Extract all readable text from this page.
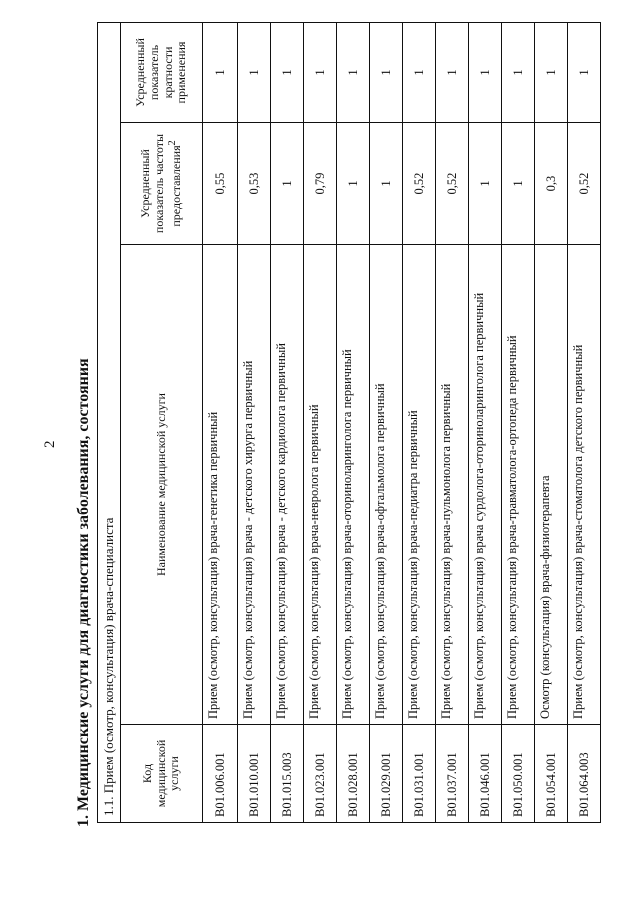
2 1. Медицинские услуги для диагностики заболевания, состояния 1.1. Прием (осмотр, консультация) врача-специалиста			
Код медицинской услуги	Наименование медицинской услуги	Усредненный показатель частоты предоставления$^2$	Усредненный показатель кратности применения
B01.006.001	Прием (осмотр, консультация) врача-генетика первичный	0,55	1
B01.010.001	Прием (осмотр, консультация) врача - детского хирурга первичный	0,53	1
B01.015.003	Прием (осмотр, консультация) врача - детского кардиолога первичный	1	1
B01.023.001	Прием (осмотр, консультация) врача-невролога первичный	0,79	1
B01.028.001	Прием (осмотр, консультация) врача-оториноларинголога первичный	1	1
B01.029.001	Прием (осмотр, консультация) врача-офтальмолога первичный	1	1
B01.031.001	Прием (осмотр, консультация) врача-педиатра первичный	0,52	1
B01.037.001	Прием (осмотр, консультация) врача-пульмонолога первичный	0,52	1
B01.046.001	Прием (осмотр, консультация) врача сурдолога-оториноларинголога первичный	1	1
B01.050.001	Прием (осмотр, консультация) врача-травматолога-ортопеда первичный	1	1
B01.054.001	Осмотр (консультация) врача-физиотерапевта	0,3	1
B01.064.003	Прием (осмотр, консультация) врача-стоматолога детского первичный	0,52	1
